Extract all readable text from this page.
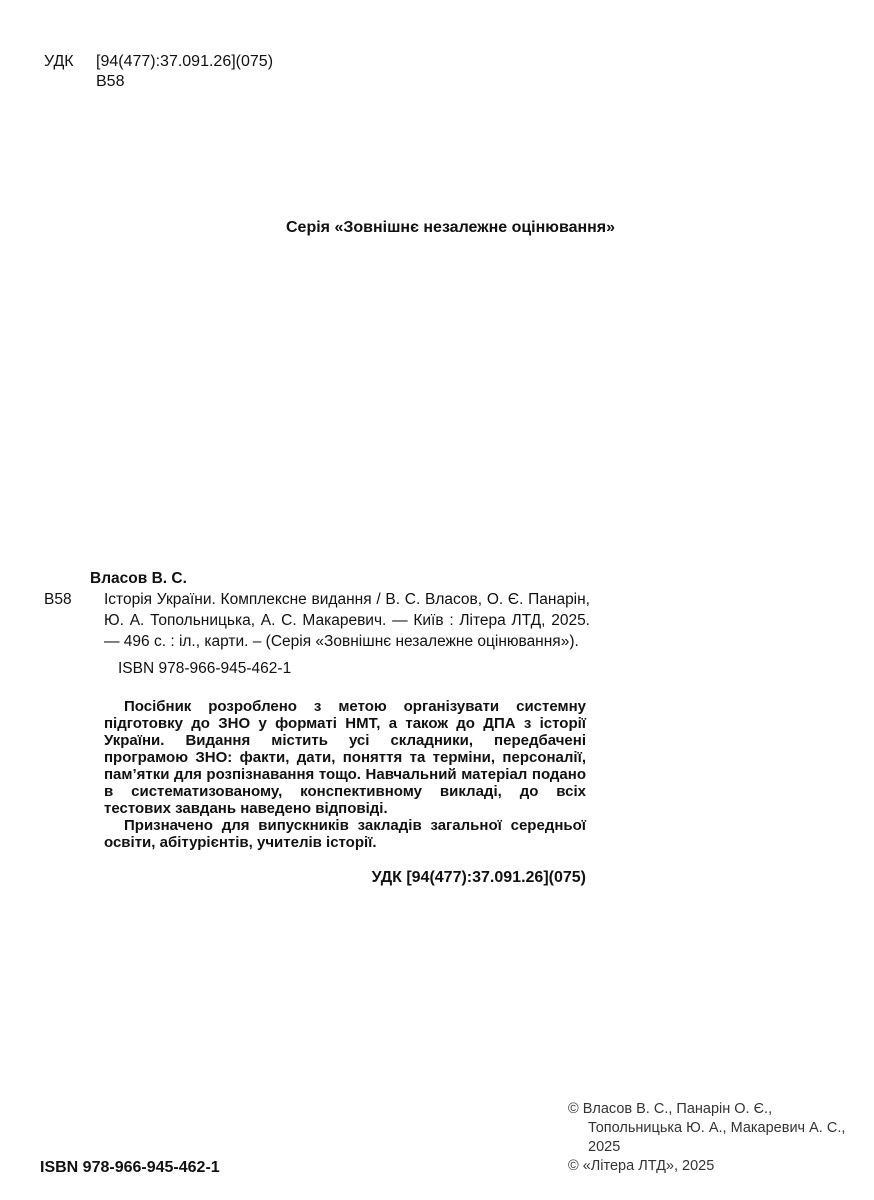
УДК [94(477):37.091.26](075)
В58
Серія «Зовнішнє незалежне оцінювання»
Власов В. С.
В58	Історія України. Комплексне видання / В. С. Власов, О. Є. Панарін, Ю. А. Топольницька, А. С. Макаревич. — Київ : Літера ЛТД, 2025. — 496 с. : іл., карти. – (Серія «Зовнішнє незалежне оцінювання»).
ISBN 978-966-945-462-1

Посібник розроблено з метою організувати системну підготовку до ЗНО у форматі НМТ, а також до ДПА з історії України. Видання містить усі складники, передбачені програмою ЗНО: факти, дати, поняття та терміни, персоналії, пам’ятки для розпізнавання тощо. Навчальний матеріал подано в систематизованому, конспективному викладі, до всіх тестових завдань наведено відповіді.

Призначено для випускників закладів загальної середньої освіти, абітурієнтів, учителів історії.

УДК [94(477):37.091.26](075)
ISBN 978-966-945-462-1
© Власов В. С., Панарін О. Є.,
Топольницька Ю. А., Макаревич А. С.,
2025
© «Літера ЛТД», 2025
